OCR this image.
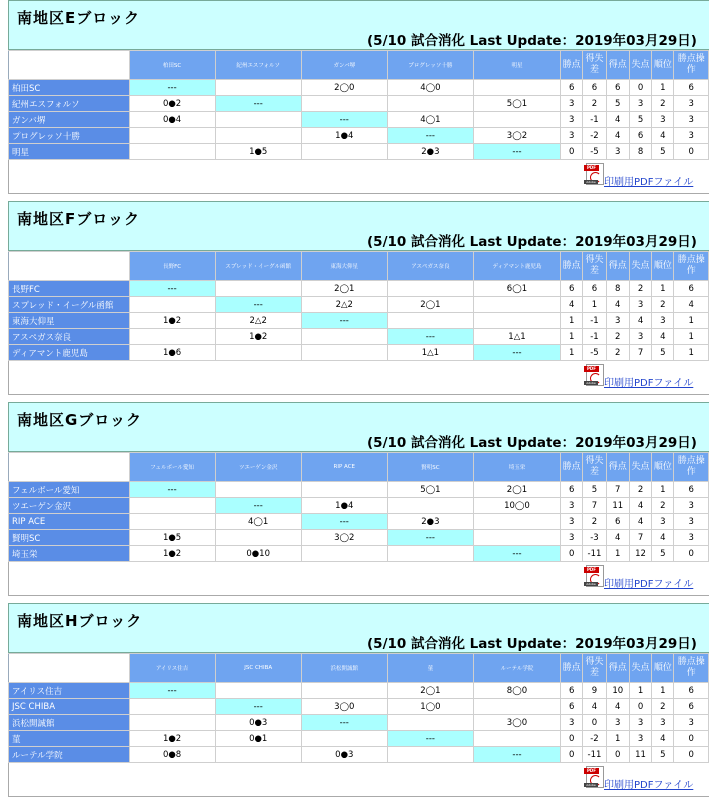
南地区Eブロック
(5/10 試合消化 Last Update：2019年03月29日)
	柏田SC	紀州エスフォルソ	ガンバ堺	プログレッソ十勝	明星	勝点	得失差	得点	失点	順位	勝点操作
柏田SC	---		2◯0	4◯0		6	6	6	0	1	6
紀州エスフォルソ	0●2	---			5◯1	3	2	5	3	2	3
ガンバ堺	0●4		---	4◯1		3	-1	4	5	3	3
プログレッソ十勝			1●4	---	3◯2	3	-2	4	6	4	3
明星		1●5		2●3	---	0	-5	3	8	5	0
PDF
Adobe 印刷用PDFファイル
南地区Fブロック
(5/10 試合消化 Last Update：2019年03月29日)
	長野FC	スプレッド・イーグル函館	東海大仰星	アスペガス奈良	ディアマント鹿児島	勝点	得失差	得点	失点	順位	勝点操作
長野FC	---		2◯1		6◯1	6	6	8	2	1	6
スプレッド・イーグル函館		---	2△2	2◯1		4	1	4	3	2	4
東海大仰星	1●2	2△2	---			1	-1	3	4	3	1
アスペガス奈良		1●2		---	1△1	1	-1	2	3	4	1
ディアマント鹿児島	1●6			1△1	---	1	-5	2	7	5	1
PDF
Adobe 印刷用PDFファイル
南地区Gブロック
(5/10 試合消化 Last Update：2019年03月29日)
	フェルボール愛知	ツエーゲン金沢	RIP ACE	賢明SC	埼玉栄	勝点	得失差	得点	失点	順位	勝点操作
フェルボール愛知	---			5◯1	2◯1	6	5	7	2	1	6
ツエーゲン金沢		---	1●4		10◯0	3	7	11	4	2	3
RIP ACE		4◯1	---	2●3		3	2	6	4	3	3
賢明SC	1●5		3◯2	---		3	-3	4	7	4	3
埼玉栄	1●2	0●10			---	0	-11	1	12	5	0
PDF
Adobe 印刷用PDFファイル
南地区Hブロック
(5/10 試合消化 Last Update：2019年03月29日)
	アイリス住吉	JSC CHIBA	浜松開誠館	菫	ルーテル学院	勝点	得失差	得点	失点	順位	勝点操作
アイリス住吉	---			2◯1	8◯0	6	9	10	1	1	6
JSC CHIBA		---	3◯0	1◯0		6	4	4	0	2	6
浜松開誠館		0●3	---		3◯0	3	0	3	3	3	3
菫	1●2	0●1		---		0	-2	1	3	4	0
ルーテル学院	0●8		0●3		---	0	-11	0	11	5	0
PDF
Adobe 印刷用PDFファイル
